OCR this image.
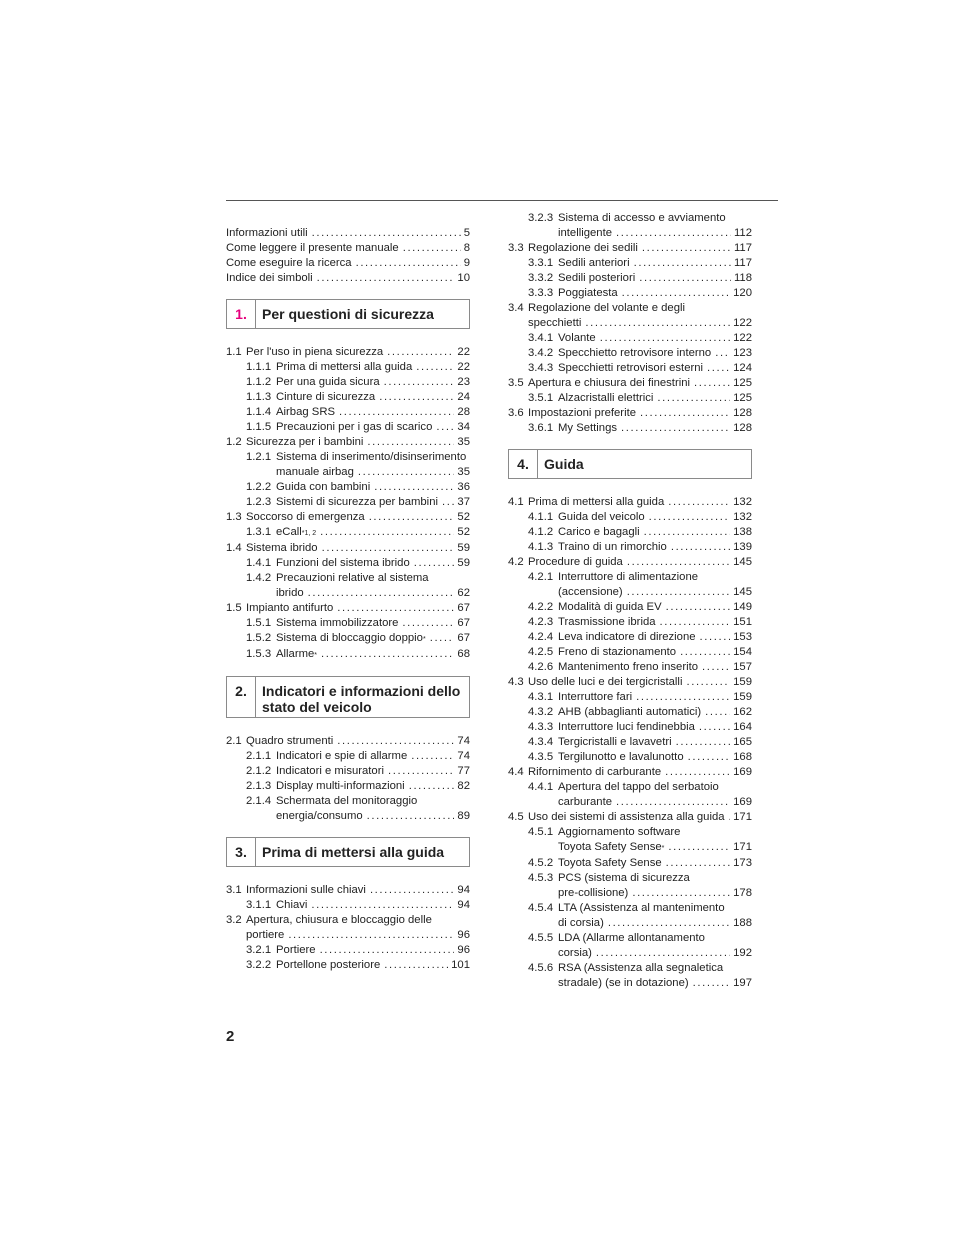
Informazioni utili .....	5
Come leggere il presente manuale .....	8
Come eseguire la ricerca .....	9
Indice dei simboli .....	10
1.	Per questioni di sicurezza
1.1 Per l'uso in piena sicurezza .....	22
1.1.1 Prima di mettersi alla guida .....	22
1.1.2 Per una guida sicura .....	23
1.1.3 Cinture di sicurezza .....	24
1.1.4 Airbag SRS .....	28
1.1.5 Precauzioni per i gas di scarico ..... 34
1.2 Sicurezza per i bambini .....	35
1.2.1 Sistema di inserimento/disinserimento
manuale airbag .....	35
1.2.2 Guida con bambini .....	36
1.2.3 Sistemi di sicurezza per bambini ..... 37
1.3 Soccorso di emergenza .....	52
1.3.1 eCall *1, 2 .....	52
1.4 Sistema ibrido .....	59
1.4.1 Funzioni del sistema ibrido .....	59
1.4.2 Precauzioni relative al sistema
ibrido .....	62
1.5 Impianto antifurto .....	67
1.5.1 Sistema immobilizzatore .....	67
1.5.2 Sistema di bloccaggio doppio * .....	67
1.5.3 Allarme * .....	68
2.	Indicatori e informazioni dello
stato del veicolo
2.1 Quadro strumenti .....	74
2.1.1 Indicatori e spie di allarme .....	74
2.1.2 Indicatori e misuratori .....	77
2.1.3 Display multi-informazioni .....	82
2.1.4 Schermata del monitoraggio
energia/consumo .....	89
3.	Prima di mettersi alla guida
3.1 Informazioni sulle chiavi .....	94
3.1.1 Chiavi .....	94
3.2 Apertura, chiusura e bloccaggio delle
portiere .....	96
3.2.1 Portiere .....	96
3.2.2 Portellone posteriore .....	101
3.2.3 Sistema di accesso e avviamento
intelligente .....	112
3.3 Regolazione dei sedili .....	117
3.3.1 Sedili anteriori .....	117
3.3.2 Sedili posteriori .....	118
3.3.3 Poggiatesta .....	120
3.4 Regolazione del volante e degli
specchietti .....	122
3.4.1 Volante .....	122
3.4.2 Specchietto retrovisore interno ..... 123
3.4.3 Specchietti retrovisori esterni .....	124
3.5 Apertura e chiusura dei finestrini .....	125
3.5.1 Alzacristalli elettrici .....	125
3.6 Impostazioni preferite .....	128
3.6.1 My Settings .....	128
4.	Guida
4.1 Prima di mettersi alla guida .....	132
4.1.1 Guida del veicolo .....	132
4.1.2 Carico e bagagli .....	138
4.1.3 Traino di un rimorchio .....	139
4.2 Procedure di guida .....	145
4.2.1 Interruttore di alimentazione
(accensione) .....	145
4.2.2 Modalità di guida EV .....	149
4.2.3 Trasmissione ibrida .....	151
4.2.4 Leva indicatore di direzione .....	153
4.2.5 Freno di stazionamento .....	154
4.2.6 Mantenimento freno inserito .....	157
4.3 Uso delle luci e dei tergicristalli .....	159
4.3.1 Interruttore fari .....	159
4.3.2 AHB (abbaglianti automatici) .....	162
4.3.3 Interruttore luci fendinebbia .....	164
4.3.4 Tergicristalli e lavavetri .....	165
4.3.5 Tergilunotto e lavalunotto .....	168
4.4 Rifornimento di carburante .....	169
4.4.1 Apertura del tappo del serbatoio
carburante .....	169
4.5 Uso dei sistemi di assistenza alla guida ..... 171
4.5.1 Aggiornamento software
Toyota Safety Sense * .....	171
4.5.2 Toyota Safety Sense .....	173
4.5.3 PCS (sistema di sicurezza
pre-collisione) .....	178
4.5.4 LTA (Assistenza al mantenimento
di corsia) .....	188
4.5.5 LDA (Allarme allontanamento
corsia) .....	192
4.5.6 RSA (Assistenza alla segnaletica
stradale) (se in dotazione) .....	197
2
